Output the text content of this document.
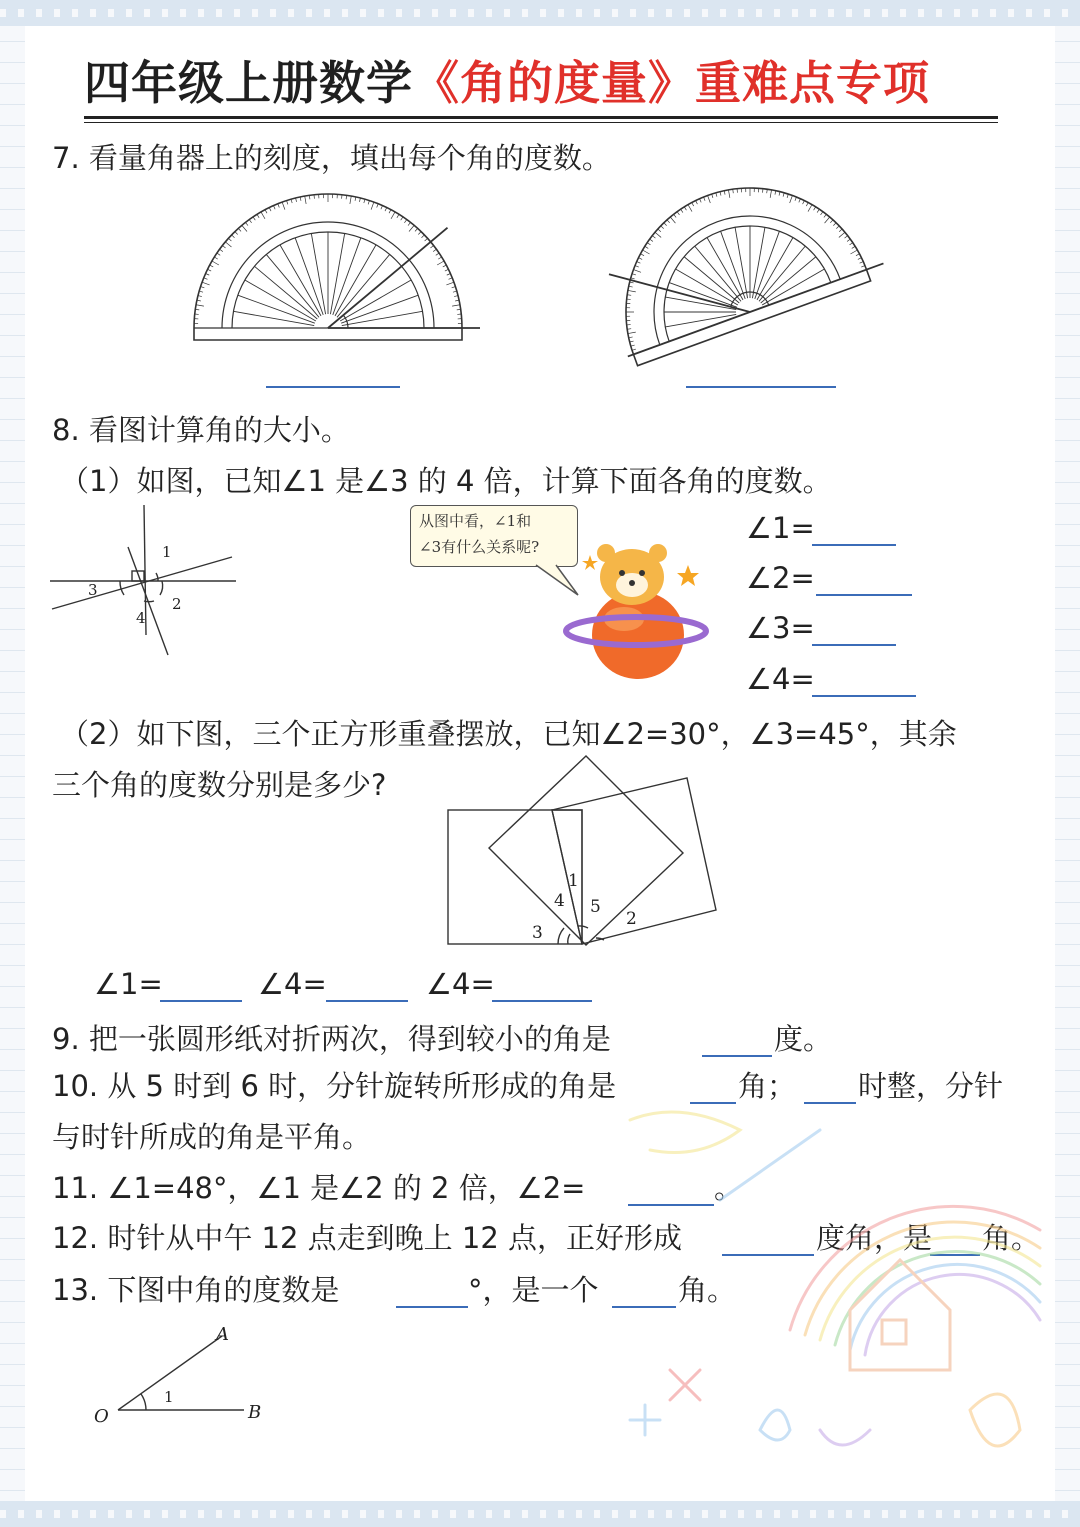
四年级上册数学《角的度量》重难点专项
7. 看量角器上的刻度，填出每个角的度数。
8. 看图计算角的大小。
（1）如图，已知∠1 是∠3 的 4 倍，计算下面各角的度数。
1
2
3
4
从图中看，∠1和
∠3有什么关系呢?
∠1=
∠2=
∠3=
∠4=
（2）如下图，三个正方形重叠摆放，已知∠2=30°，∠3=45°，其余
三个角的度数分别是多少?
1
2
3
4 5
∠1=	∠4=	∠4=
9. 把一张圆形纸对折两次，得到较小的角是	度。
10. 从 5 时到 6 时，分针旋转所形成的角是	角； 时整，分针
与时针所成的角是平角。
11. ∠1=48°，∠1 是∠2 的 2 倍，∠2=	。
12. 时针从中午 12 点走到晚上 12 点，正好形成	度角，是 角。
13. 下图中角的度数是	°，是一个	角。
A
O	B
1
